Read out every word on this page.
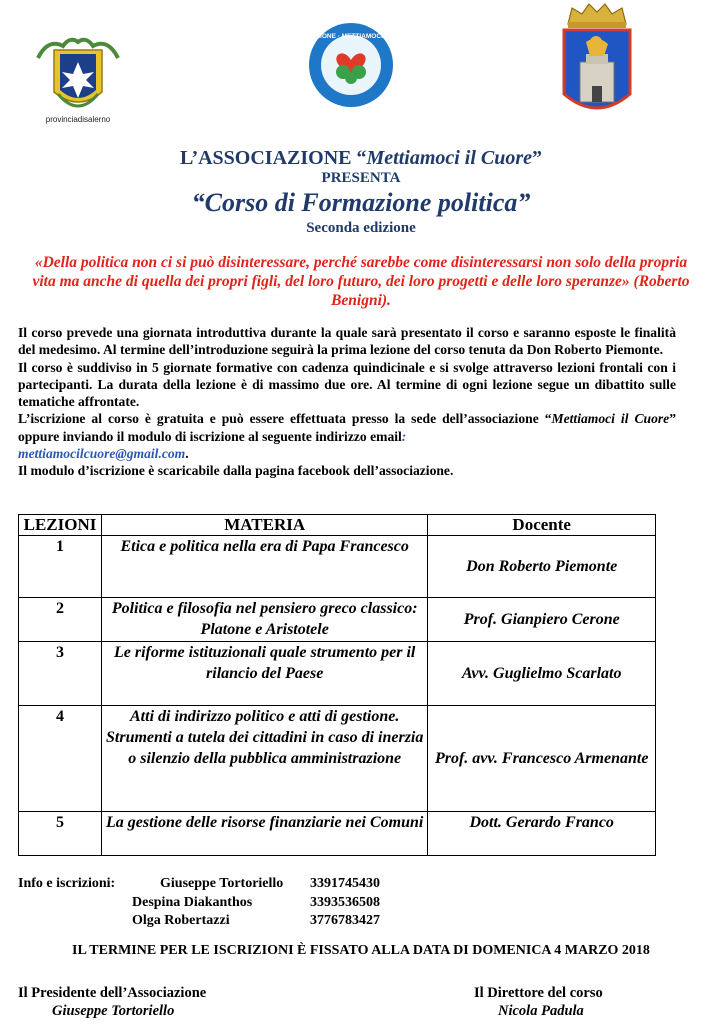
provinciadisalerno
ASSOCIAZIONE · METTIAMOCI IL CUORE
L’ASSOCIAZIONE “Mettiamoci il Cuore”
PRESENTA
“Corso di Formazione politica”
Seconda edizione
«Della politica non ci si può disinteressare, perché sarebbe come disinteressarsi non solo della propria vita ma anche di quella dei propri figli, del loro futuro, dei loro progetti e delle loro speranze» (Roberto Benigni).

Il corso prevede una giornata introduttiva durante la quale sarà presentato il corso e saranno esposte le finalità del medesimo. Al termine dell’introduzione seguirà la prima lezione del corso tenuta da Don Roberto Piemonte.

Il corso è suddiviso in 5 giornate formative con cadenza quindicinale e si svolge attraverso lezioni frontali con i partecipanti. La durata della lezione è di massimo due ore. Al termine di ogni lezione segue un dibattito sulle tematiche affrontate.

L’iscrizione al corso è gratuita e può essere effettuata presso la sede dell’associazione “Mettiamoci il Cuore” oppure inviando il modulo di iscrizione al seguente indirizzo email:
mettiamocilcuore@gmail.com.

Il modulo d’iscrizione è scaricabile dalla pagina facebook dell’associazione.

LEZIONI	MATERIA	Docente
1	Etica e politica nella era di Papa Francesco	Don Roberto Piemonte
2	Politica e filosofia nel pensiero greco classico: Platone e Aristotele	Prof. Gianpiero Cerone
3	Le riforme istituzionali quale strumento per il rilancio del Paese	Avv. Guglielmo Scarlato
4	Atti di indirizzo politico e atti di gestione. Strumenti a tutela dei cittadini in caso di inerzia o silenzio della pubblica amministrazione	Prof. avv. Francesco Armenante
5	La gestione delle risorse finanziarie nei Comuni	Dott. Gerardo Franco
Info e iscrizioni:	Giuseppe Tortoriello 3391745430
Despina Diakanthos	3393536508
Olga Robertazzi	3776783427
IL TERMINE PER LE ISCRIZIONI È FISSATO ALLA DATA DI DOMENICA 4 MARZO 2018
Il Presidente dell’Associazione
Giuseppe Tortoriello
Il Direttore del corso
Nicola Padula
